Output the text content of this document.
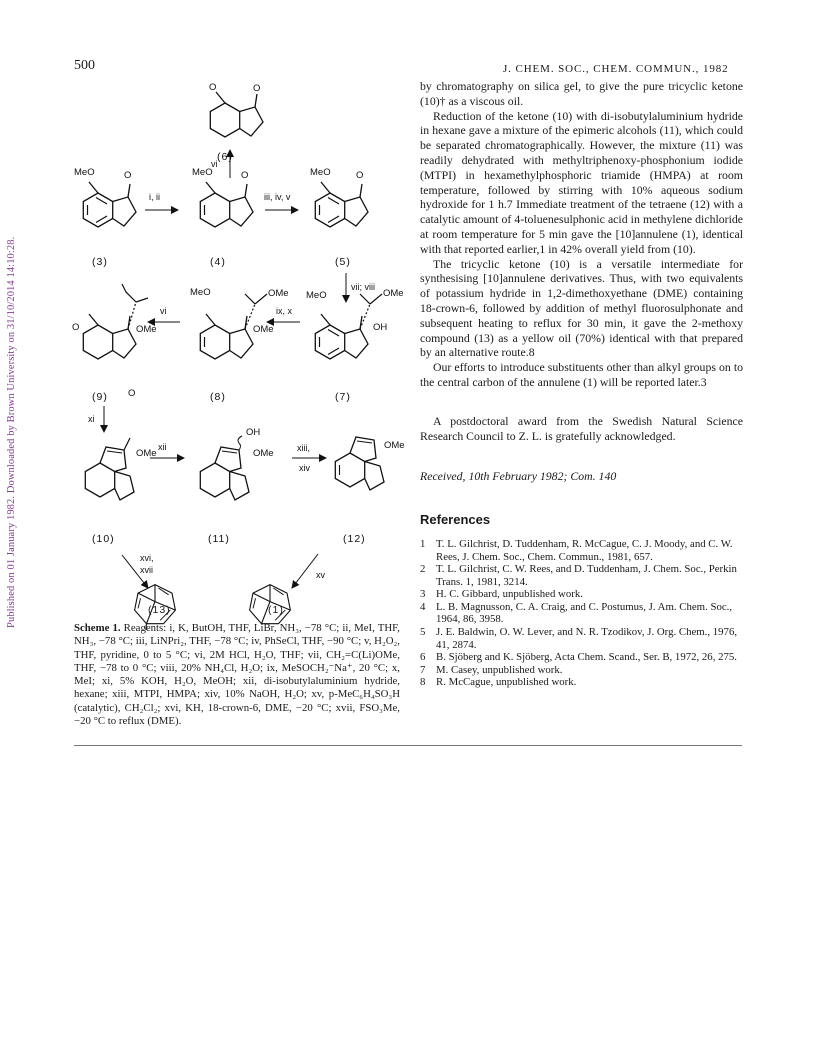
Published on 01 January 1982. Downloaded by Brown University on 31/10/2014 14:10:28.
500	J. CHEM. SOC., CHEM. COMMUN., 1982
O	O
(6)
vi
MeO	O
(3)
i, ii
MeO	O
(4)
iii, iv, v
MeO	O
(5)
vii; viii
O	OMe
(9)
vi
MeO	OMe
OMe
(8)
ix, x
MeO	OMe
OH
(7)
xi
O
OMe
(10)
xii
OH
OMe
(11)
xiii,
xiv
OMe
(12)
xvi,
xvii	xv
(13)	(1)
Scheme 1. Reagents: i, K, ButOH, THF, LiBr, NH₃, −78 °C; ii, MeI, THF, NH₃, −78 °C; iii, LiNPri₂, THF, −78 °C; iv, PhSeCl, THF, −90 °C; v, H₂O₂, THF, pyridine, 0 to 5 °C; vi, 2M HCl, H₂O, THF; vii, CH₂=C(Li)OMe, THF, −78 to 0 °C; viii, 20% NH₄Cl, H₂O; ix, MeSOCH₂⁻Na⁺, 20 °C; x, MeI; xi, 5% KOH, H₂O, MeOH; xii, di-isobutylaluminium hydride, hexane; xiii, MTPI, HMPA; xiv, 10% NaOH, H₂O; xv, p-MeC₆H₄SO₃H (catalytic), CH₂Cl₂; xvi, KH, 18-crown-6, DME, −20 °C; xvii, FSO₃Me, −20 °C to reflux (DME).

by chromatography on silica gel, to give the pure tricyclic ketone (10)† as a viscous oil.

Reduction of the ketone (10) with di-isobutylaluminium hydride in hexane gave a mixture of the epimeric alcohols (11), which could be separated chromatographically. However, the mixture (11) was readily dehydrated with methyltriphenoxy-phosphonium iodide (MTPI) in hexamethylphosphoric triamide (HMPA) at room temperature, followed by stirring with 10% aqueous sodium hydroxide for 1 h.7 Immediate treatment of the tetraene (12) with a catalytic amount of 4-toluenesulphonic acid in methylene dichloride at room temperature for 5 min gave the [10]annulene (1), identical with that reported earlier,1 in 42% overall yield from (10).

The tricyclic ketone (10) is a versatile intermediate for synthesising [10]annulene derivatives. Thus, with two equivalents of potassium hydride in 1,2-dimethoxyethane (DME) containing 18-crown-6, followed by addition of methyl fluorosulphonate and subsequent heating to reflux for 30 min, it gave the 2-methoxy compound (13) as a yellow oil (70%) identical with that prepared by an alternative route.8

Our efforts to introduce substituents other than alkyl groups on to the central carbon of the annulene (1) will be reported later.3

A postdoctoral award from the Swedish Natural Science Research Council to Z. L. is gratefully acknowledged.

Received, 10th February 1982; Com. 140

References
1 T. L. Gilchrist, D. Tuddenham, R. McCague, C. J. Moody, and C. W. Rees, J. Chem. Soc., Chem. Commun., 1981, 657.
2 T. L. Gilchrist, C. W. Rees, and D. Tuddenham, J. Chem. Soc., Perkin Trans. 1, 1981, 3214.
3 H. C. Gibbard, unpublished work.
4 L. B. Magnusson, C. A. Craig, and C. Postumus, J. Am. Chem. Soc., 1964, 86, 3958.
5 J. E. Baldwin, O. W. Lever, and N. R. Tzodikov, J. Org. Chem., 1976, 41, 2874.
6 B. Sjöberg and K. Sjöberg, Acta Chem. Scand., Ser. B, 1972, 26, 275.
7 M. Casey, unpublished work.
8 R. McCague, unpublished work.
